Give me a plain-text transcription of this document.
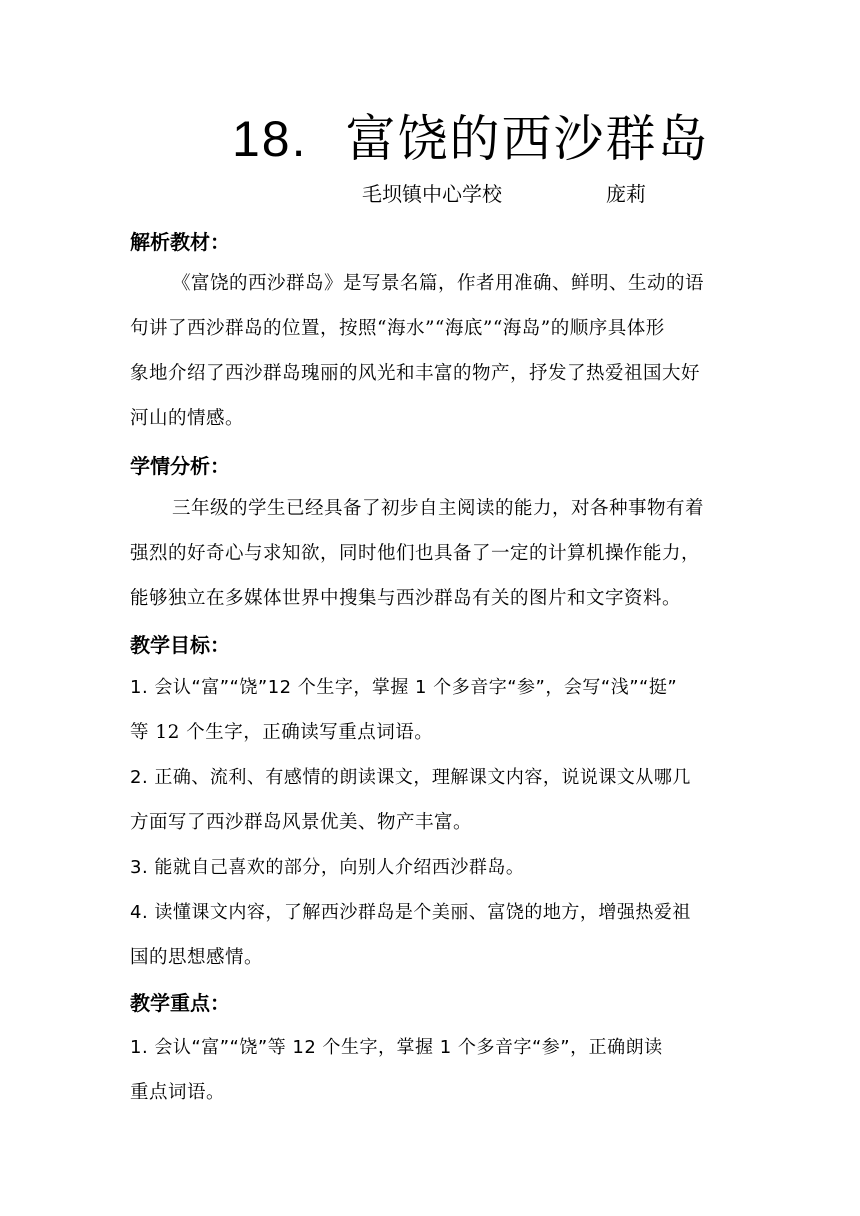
18. 富饶的西沙群岛
毛坝镇中心学校	庞莉
解析教材：
《富饶的西沙群岛》是写景名篇，作者用准确、鲜明、生动的语
句讲了西沙群岛的位置，按照“海水”“海底”“海岛”的顺序具体形
象地介绍了西沙群岛瑰丽的风光和丰富的物产，抒发了热爱祖国大好
河山的情感。
学情分析：
三年级的学生已经具备了初步自主阅读的能力，对各种事物有着
强烈的好奇心与求知欲，同时他们也具备了一定的计算机操作能力，
能够独立在多媒体世界中搜集与西沙群岛有关的图片和文字资料。
教学目标：
1. 会认“富”“饶”12 个生字，掌握 1 个多音字“参”，会写“浅”“挺”
等 12 个生字，正确读写重点词语。
2. 正确、流利、有感情的朗读课文，理解课文内容，说说课文从哪几
方面写了西沙群岛风景优美、物产丰富。
3. 能就自己喜欢的部分，向别人介绍西沙群岛。
4. 读懂课文内容，了解西沙群岛是个美丽、富饶的地方，增强热爱祖
国的思想感情。
教学重点：
1. 会认“富”“饶”等 12 个生字，掌握 1 个多音字“参”，正确朗读
重点词语。
